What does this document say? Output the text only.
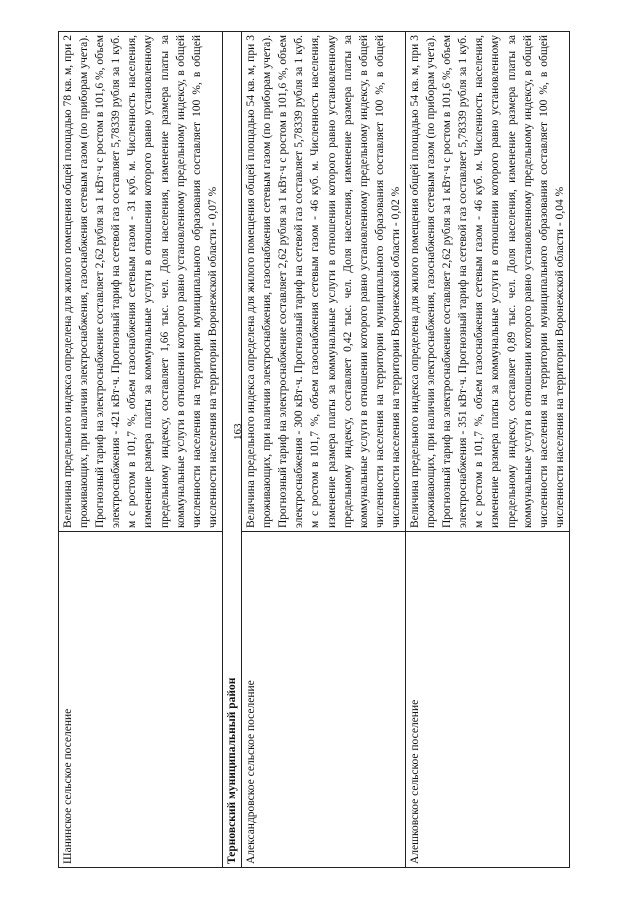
163
Шанинское сельское поселение	Величина предельного индекса определена для жилого помещения общей площадью 78 кв. м, при 2 проживающих, при наличии электроснабжения, газоснабжения сетевым газом (по приборам учета). Прогнозный тариф на электроснабжение составляет 2,62 рубля за 1 кВт·ч с ростом в 101,6 %, объем электроснабжения - 421 кВт·ч. Прогнозный тариф на сетевой газ составляет 5,78339 рубля за 1 куб. м с ростом в 101,7 %, объем газоснабжения сетевым газом - 31 куб. м. Численность населения, изменение размера платы за коммунальные услуги в отношении которого равно установленному предельному индексу, составляет 1,66 тыс. чел. Доля населения, изменение размера платы за коммунальные услуги в отношении которого равно установленному предельному индексу, в общей численности населения на территории муниципального образования составляет 100 %, в общей численности населения на территории Воронежской области - 0,07 %
Терновский муниципальный район	
Александровское сельское поселение	Величина предельного индекса определена для жилого помещения общей площадью 54 кв. м, при 3 проживающих, при наличии электроснабжения, газоснабжения сетевым газом (по приборам учета). Прогнозный тариф на электроснабжение составляет 2,62 рубля за 1 кВт·ч с ростом в 101,6 %, объем электроснабжения - 300 кВт·ч. Прогнозный тариф на сетевой газ составляет 5,78339 рубля за 1 куб. м с ростом в 101,7 %, объем газоснабжения сетевым газом - 46 куб. м. Численность населения, изменение размера платы за коммунальные услуги в отношении которого равно установленному предельному индексу, составляет 0,42 тыс. чел. Доля населения, изменение размера платы за коммунальные услуги в отношении которого равно установленному предельному индексу, в общей численности населения на территории муниципального образования составляет 100 %, в общей численности населения на территории Воронежской области - 0,02 %
Алешковское сельское поселение	Величина предельного индекса определена для жилого помещения общей площадью 54 кв. м, при 3 проживающих, при наличии электроснабжения, газоснабжения сетевым газом (по приборам учета). Прогнозный тариф на электроснабжение составляет 2,62 рубля за 1 кВт·ч с ростом в 101,6 %, объем электроснабжения - 351 кВт·ч. Прогнозный тариф на сетевой газ составляет 5,78339 рубля за 1 куб. м с ростом в 101,7 %, объем газоснабжения сетевым газом - 46 куб. м. Численность населения, изменение размера платы за коммунальные услуги в отношении которого равно установленному предельному индексу, составляет 0,89 тыс. чел. Доля населения, изменение размера платы за коммунальные услуги в отношении которого равно установленному предельному индексу, в общей численности населения на территории муниципального образования составляет 100 %, в общей численности населения на территории Воронежской области - 0,04 %
